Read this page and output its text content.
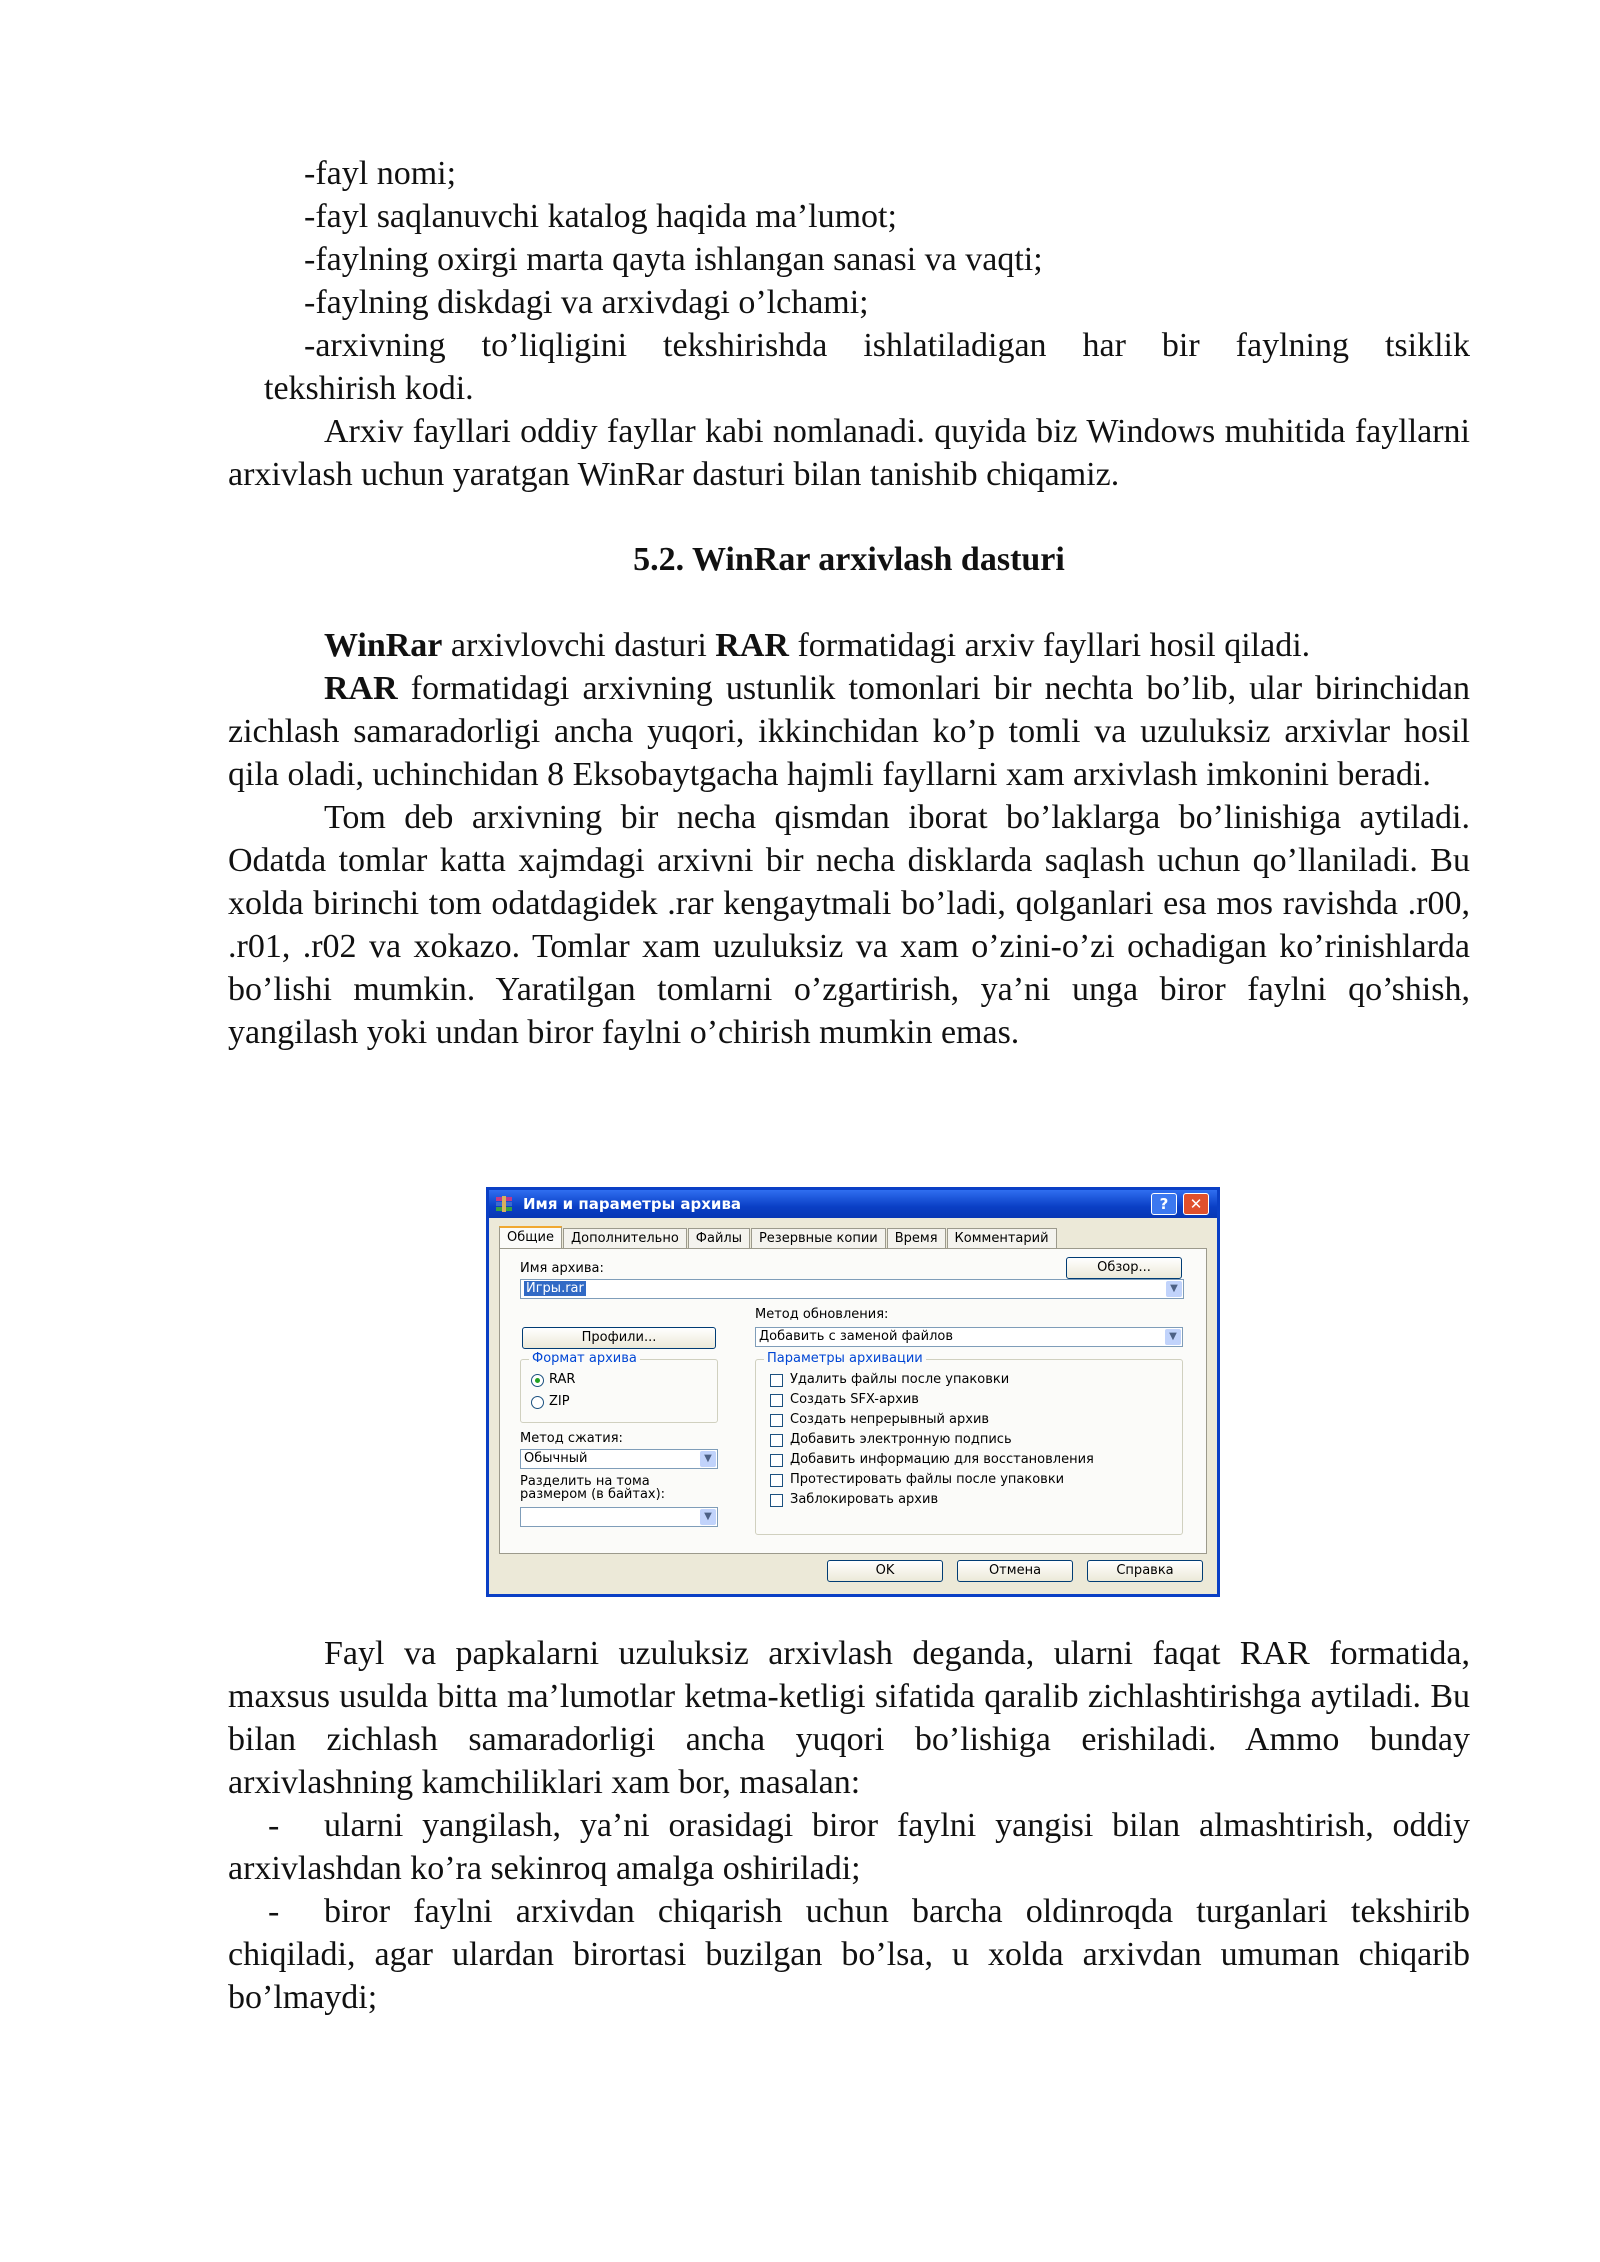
-fayl nomi;
-fayl saqlanuvchi katalog haqida ma’lumot;
-faylning oxirgi marta qayta ishlangan sanasi va vaqti;
-faylning diskdagi va arxivdagi o’lchami;

-arxivning to’liqligini tekshirishda ishlatiladigan har bir faylning tsiklik

tekshirish kodi.

Arxiv fayllari oddiy fayllar kabi nomlanadi. quyida biz Windows muhitida fayllarni arxivlash uchun yaratgan WinRar dasturi bilan tanishib chiqamiz.

5.2. WinRar arxivlash dasturi

WinRar arxivlovchi dasturi RAR formatidagi arxiv fayllari hosil qiladi.

RAR formatidagi arxivning ustunlik tomonlari bir nechta bo’lib, ular birinchidan zichlash samaradorligi ancha yuqori, ikkinchidan ko’p tomli va uzuluksiz arxivlar hosil qila oladi, uchinchidan 8 Eksobaytgacha hajmli fayllarni xam arxivlash imkonini beradi.

Tom deb arxivning bir necha qismdan iborat bo’laklarga bo’linishiga aytiladi. Odatda tomlar katta xajmdagi arxivni bir necha disklarda saqlash uchun qo’llaniladi. Bu xolda birinchi tom odatdagidek .rar kengaytmali bo’ladi, qolganlari esa mos ravishda .r00, .r01, .r02 va xokazo. Tomlar xam uzuluksiz va xam o’zini-o’zi ochadigan ko’rinishlarda bo’lishi mumkin. Yaratilgan tomlarni o’zgartirish, ya’ni unga biror faylni qo’shish, yangilash yoki undan biror faylni o’chirish mumkin emas.

Имя и параметры архива	?	✕
Общие	Дополнительно	Файлы	Резервные копии	Время	Комментарий
Имя архива:	Обзор...
Игры.rar	▼
Метод обновления:
Профили...	Добавить с заменой файлов	▼
Формат архива
RAR
ZIP
Метод сжатия:
Обычный	▼
Разделить на тома
размером (в байтах):
▼
Параметры архивации
Удалить файлы после упаковки
Создать SFX-архив
Создать непрерывный архив
Добавить электронную подпись
Добавить информацию для восстановления
Протестировать файлы после упаковки
Заблокировать архив
OK	Отмена	Справка

Fayl va papkalarni uzuluksiz arxivlash deganda, ularni faqat RAR formatida, maxsus usulda bitta ma’lumotlar ketma-ketligi sifatida qaralib zichlashtirishga aytiladi. Bu bilan zichlash samaradorligi ancha yuqori bo’lishiga erishiladi. Ammo bunday arxivlashning kamchiliklari xam bor, masalan:

-	ularni yangilash, ya’ni orasidagi biror faylni yangisi bilan almashtirish, oddiy arxivlashdan ko’ra sekinroq amalga oshiriladi;

-	biror faylni arxivdan chiqarish uchun barcha oldinroqda turganlari tekshirib chiqiladi, agar ulardan birortasi buzilgan bo’lsa, u xolda arxivdan umuman chiqarib bo’lmaydi;
